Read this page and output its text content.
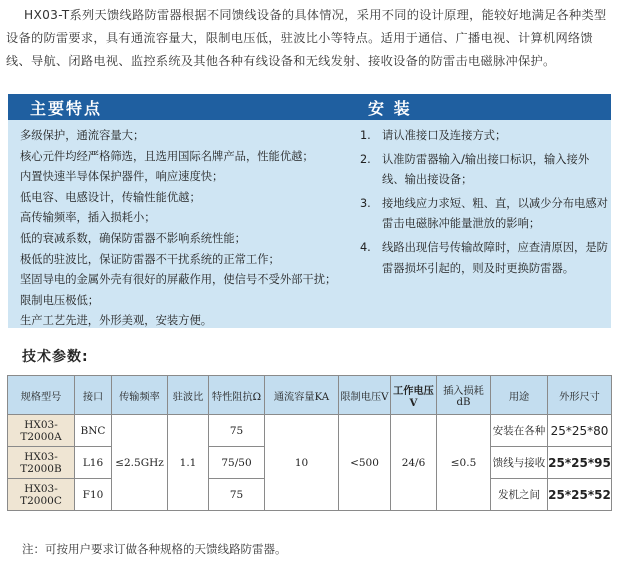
HX03-T系列天馈线路防雷器根据不同馈线设备的具体情况，采用不同的设计原理，能较好地满足各种类型设备的防雷要求，具有通流容量大，限制电压低，驻波比小等特点。适用于通信、广播电视、计算机网络馈线、导航、闭路电视、监控系统及其他各种有线设备和无线发射、接收设备的防雷击电磁脉冲保护。
主要特点	安 装
多级保护，通流容量大；
核心元件均经严格筛选，且选用国际名牌产品，性能优越；
内置快速半导体保护器件，响应速度快；
低电容、电感设计，传输性能优越；
高传输频率，插入损耗小；
低的衰减系数，确保防雷器不影响系统性能；
极低的驻波比，保证防雷器不干扰系统的正常工作；
坚固导电的金属外壳有很好的屏蔽作用，使信号不受外部干扰；
限制电压极低；
生产工艺先进，外形美观，安装方便。
1. 请认准接口及连接方式；
2. 认准防雷器输入/输出接口标识，输入接外线、输出接设备；
3. 接地线应力求短、粗、直，以减少分布电感对雷击电磁脉冲能量泄放的影响；
4. 线路出现信号传输故障时，应查清原因，是防雷器损坏引起的，则及时更换防雷器。
技术参数:
规格型号	接口	传输频率	驻波比	特性阻抗Ω	通流容量KA	限制电压V	工作电压V	插入损耗dB	用途	外形尺寸
HX03-T2000A	BNC	≤2.5GHz	1.1	75	10	<500	24/6	≤0.5	安装在各种	25*25*80
HX03-T2000B	L16			75/50					馈线与接收	25*25*95
HX03-T2000C	F10			75					发机之间	25*25*52
注：可按用户要求订做各种规格的天馈线路防雷器。
